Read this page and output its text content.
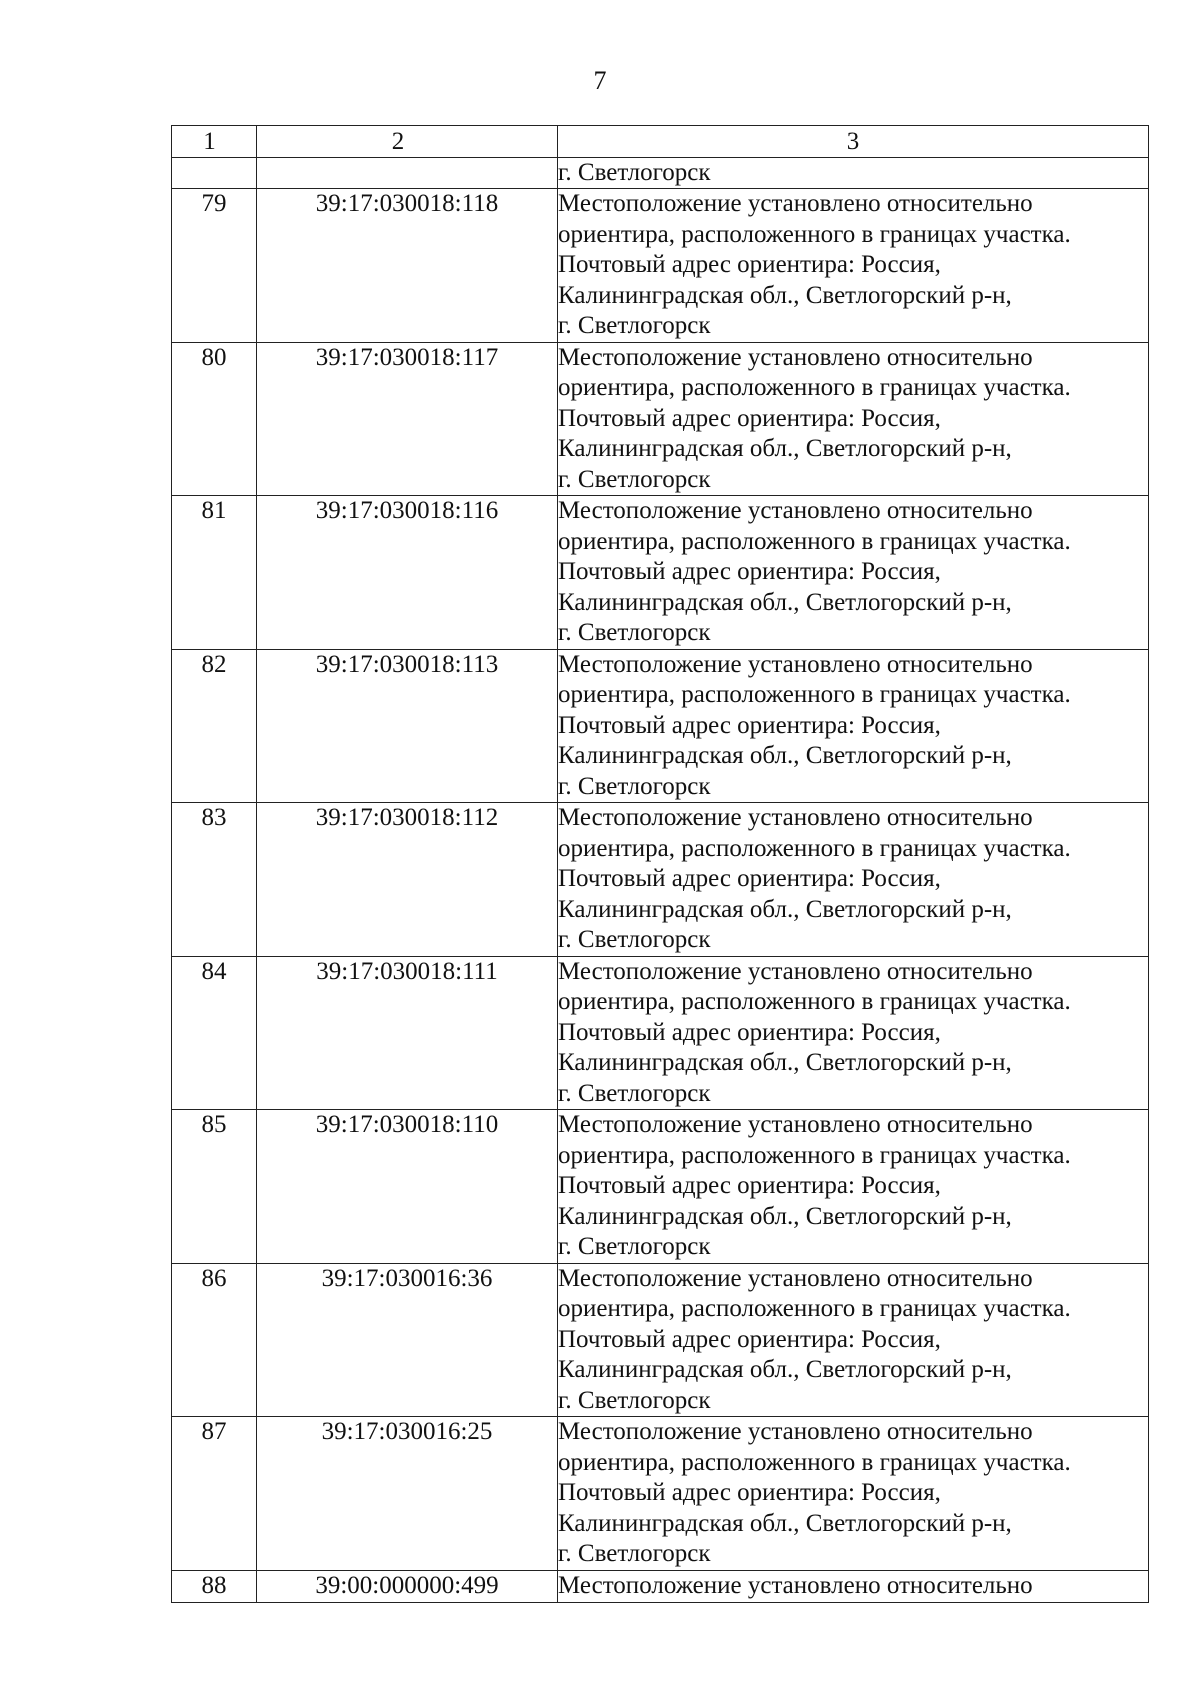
7
1	2	3
		г. Светлогорск
79	39:17:030018:118	Местоположение установлено относительно
ориентира, расположенного в границах участка.
Почтовый адрес ориентира: Россия,
Калининградская обл., Светлогорский р-н,
г. Светлогорск

80	39:17:030018:117	Местоположение установлено относительно
ориентира, расположенного в границах участка.
Почтовый адрес ориентира: Россия,
Калининградская обл., Светлогорский р-н,
г. Светлогорск

81	39:17:030018:116	Местоположение установлено относительно
ориентира, расположенного в границах участка.
Почтовый адрес ориентира: Россия,
Калининградская обл., Светлогорский р-н,
г. Светлогорск

82	39:17:030018:113	Местоположение установлено относительно
ориентира, расположенного в границах участка.
Почтовый адрес ориентира: Россия,
Калининградская обл., Светлогорский р-н,
г. Светлогорск

83	39:17:030018:112	Местоположение установлено относительно
ориентира, расположенного в границах участка.
Почтовый адрес ориентира: Россия,
Калининградская обл., Светлогорский р-н,
г. Светлогорск

84	39:17:030018:111	Местоположение установлено относительно
ориентира, расположенного в границах участка.
Почтовый адрес ориентира: Россия,
Калининградская обл., Светлогорский р-н,
г. Светлогорск

85	39:17:030018:110	Местоположение установлено относительно
ориентира, расположенного в границах участка.
Почтовый адрес ориентира: Россия,
Калининградская обл., Светлогорский р-н,
г. Светлогорск

86	39:17:030016:36	Местоположение установлено относительно
ориентира, расположенного в границах участка.
Почтовый адрес ориентира: Россия,
Калининградская обл., Светлогорский р-н,
г. Светлогорск

87	39:17:030016:25	Местоположение установлено относительно
ориентира, расположенного в границах участка.
Почтовый адрес ориентира: Россия,
Калининградская обл., Светлогорский р-н,
г. Светлогорск

88	39:00:000000:499	Местоположение установлено относительно
